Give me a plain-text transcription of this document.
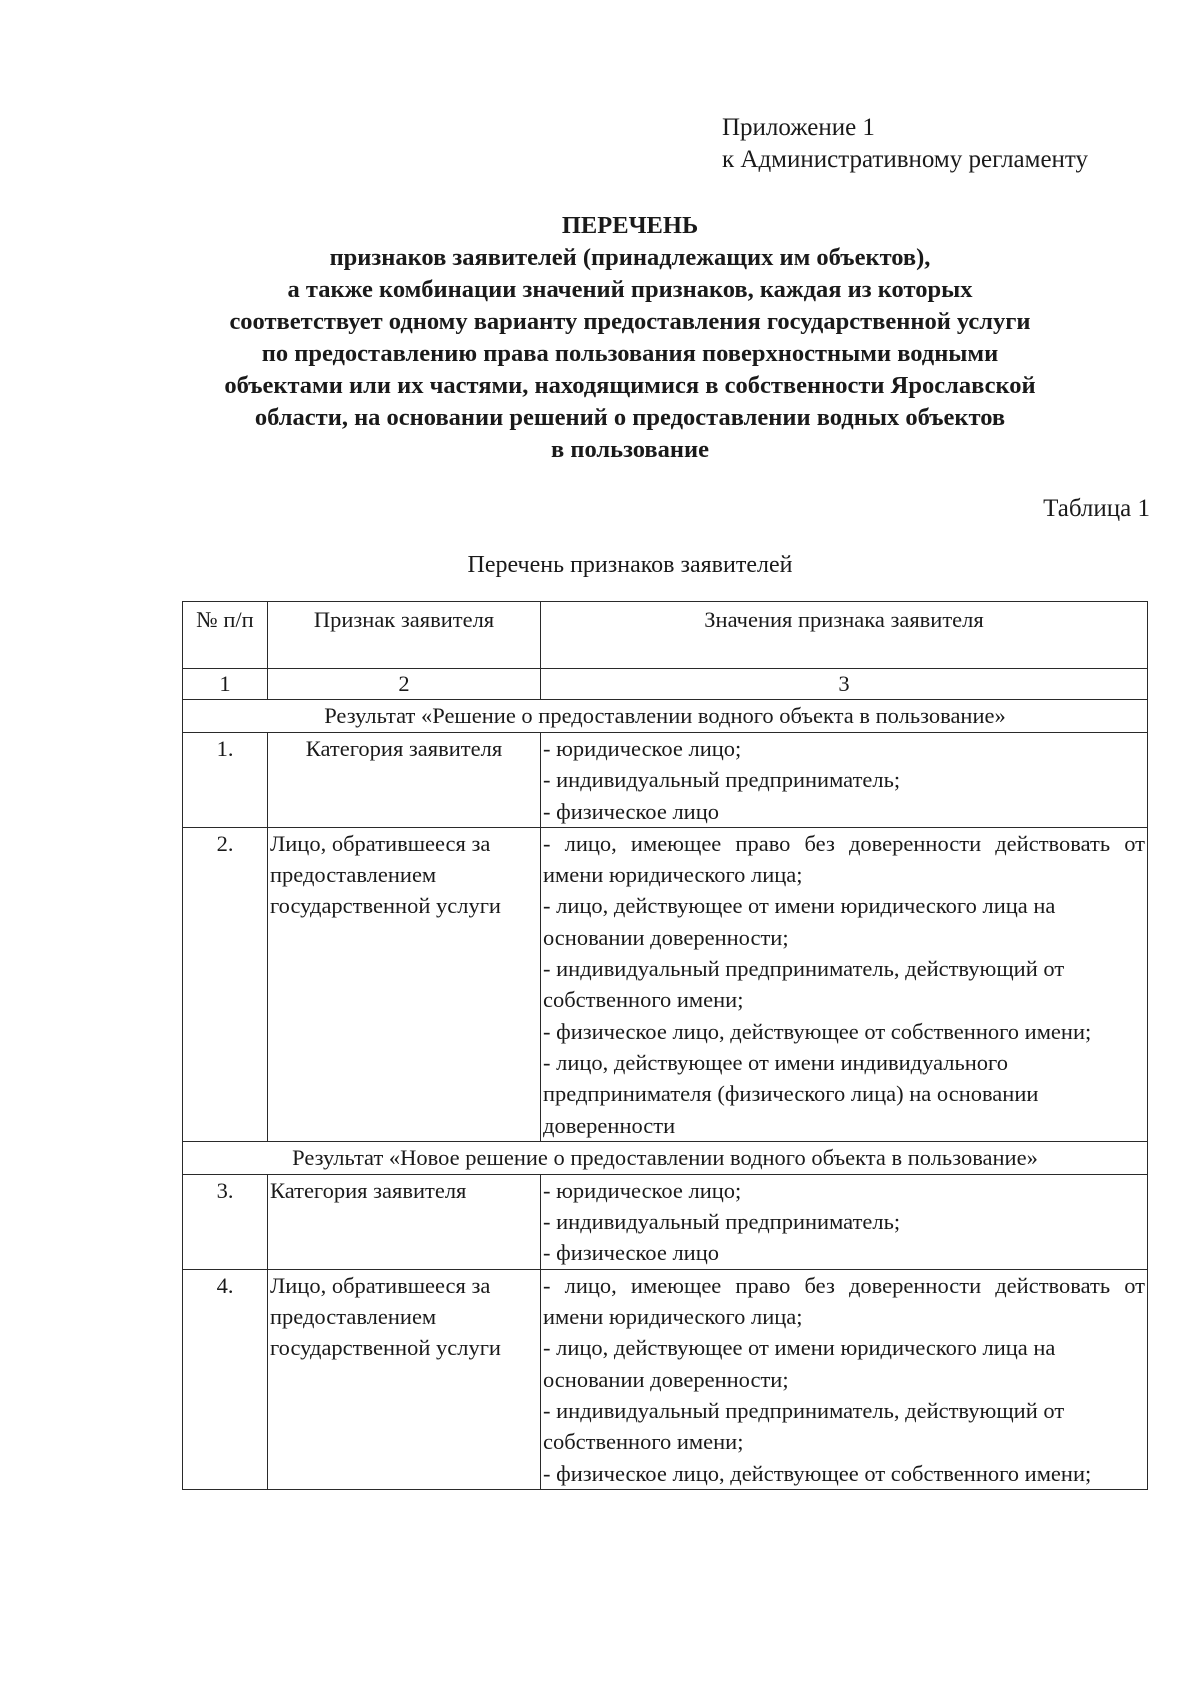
Приложение 1
к Административному регламенту
ПЕРЕЧЕНЬ
признаков заявителей (принадлежащих им объектов),
а также комбинации значений признаков, каждая из которых
соответствует одному варианту предоставления государственной услуги
по предоставлению права пользования поверхностными водными
объектами или их частями, находящимися в собственности Ярославской
области, на основании решений о предоставлении водных объектов
в пользование
Таблица 1
Перечень признаков заявителей
№ п/п	Признак заявителя	Значения признака заявителя
1	2	3
Результат «Решение о предоставлении водного объекта в пользование»		
1.	Категория заявителя	- юридическое лицо;
- индивидуальный предприниматель;
- физическое лицо

2.	Лицо, обратившееся за предоставлением государственной услуги	- лицо, имеющее право без доверенности действовать от имени юридического лица;
- лицо, действующее от имени юридического лица на основании доверенности;
- индивидуальный предприниматель, действующий от собственного имени;
- физическое лицо, действующее от собственного имени;
- лицо, действующее от имени индивидуального предпринимателя (физического лица) на основании доверенности

Результат «Новое решение о предоставлении водного объекта в пользование»		
3.	Категория заявителя	- юридическое лицо;
- индивидуальный предприниматель;
- физическое лицо

4.	Лицо, обратившееся за предоставлением государственной услуги	- лицо, имеющее право без доверенности действовать от имени юридического лица;
- лицо, действующее от имени юридического лица на основании доверенности;
- индивидуальный предприниматель, действующий от собственного имени;
- физическое лицо, действующее от собственного имени;
